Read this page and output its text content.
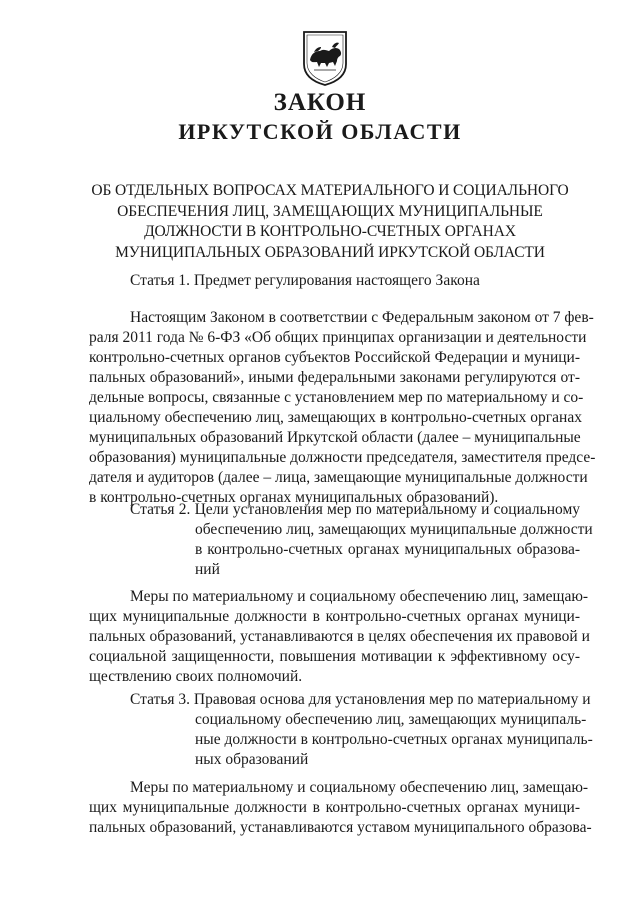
ЗАКОН
ИРКУТСКОЙ ОБЛАСТИ
ОБ ОТДЕЛЬНЫХ ВОПРОСАХ МАТЕРИАЛЬНОГО И СОЦИАЛЬНОГО
ОБЕСПЕЧЕНИЯ ЛИЦ, ЗАМЕЩАЮЩИХ МУНИЦИПАЛЬНЫЕ
ДОЛЖНОСТИ В КОНТРОЛЬНО-СЧЕТНЫХ ОРГАНАХ
МУНИЦИПАЛЬНЫХ ОБРАЗОВАНИЙ ИРКУТСКОЙ ОБЛАСТИ
Статья 1. Предмет регулирования настоящего Закона
Настоящим Законом в соответствии с Федеральным законом от 7 фев-
раля 2011 года № 6-ФЗ «Об общих принципах организации и деятельности
контрольно-счетных органов субъектов Российской Федерации и муници-
пальных образований», иными федеральными законами регулируются от-
дельные вопросы, связанные с установлением мер по материальному и со-
циальному обеспечению лиц, замещающих в контрольно-счетных органах
муниципальных образований Иркутской области (далее – муниципальные
образования) муниципальные должности председателя, заместителя предсе-
дателя и аудиторов (далее – лица, замещающие муниципальные должности
в контрольно-счетных органах муниципальных образований).
Статья 2. Цели установления мер по материальному и социальному
обеспечению лиц, замещающих муниципальные должности
в контрольно-счетных органах муниципальных образова-
ний
Меры по материальному и социальному обеспечению лиц, замещаю-
щих муниципальные должности в контрольно-счетных органах муници-
пальных образований, устанавливаются в целях обеспечения их правовой и
социальной защищенности, повышения мотивации к эффективному осу-
ществлению своих полномочий.
Статья 3. Правовая основа для установления мер по материальному и
социальному обеспечению лиц, замещающих муниципаль-
ные должности в контрольно-счетных органах муниципаль-
ных образований
Меры по материальному и социальному обеспечению лиц, замещаю-
щих муниципальные должности в контрольно-счетных органах муници-
пальных образований, устанавливаются уставом муниципального образова-
